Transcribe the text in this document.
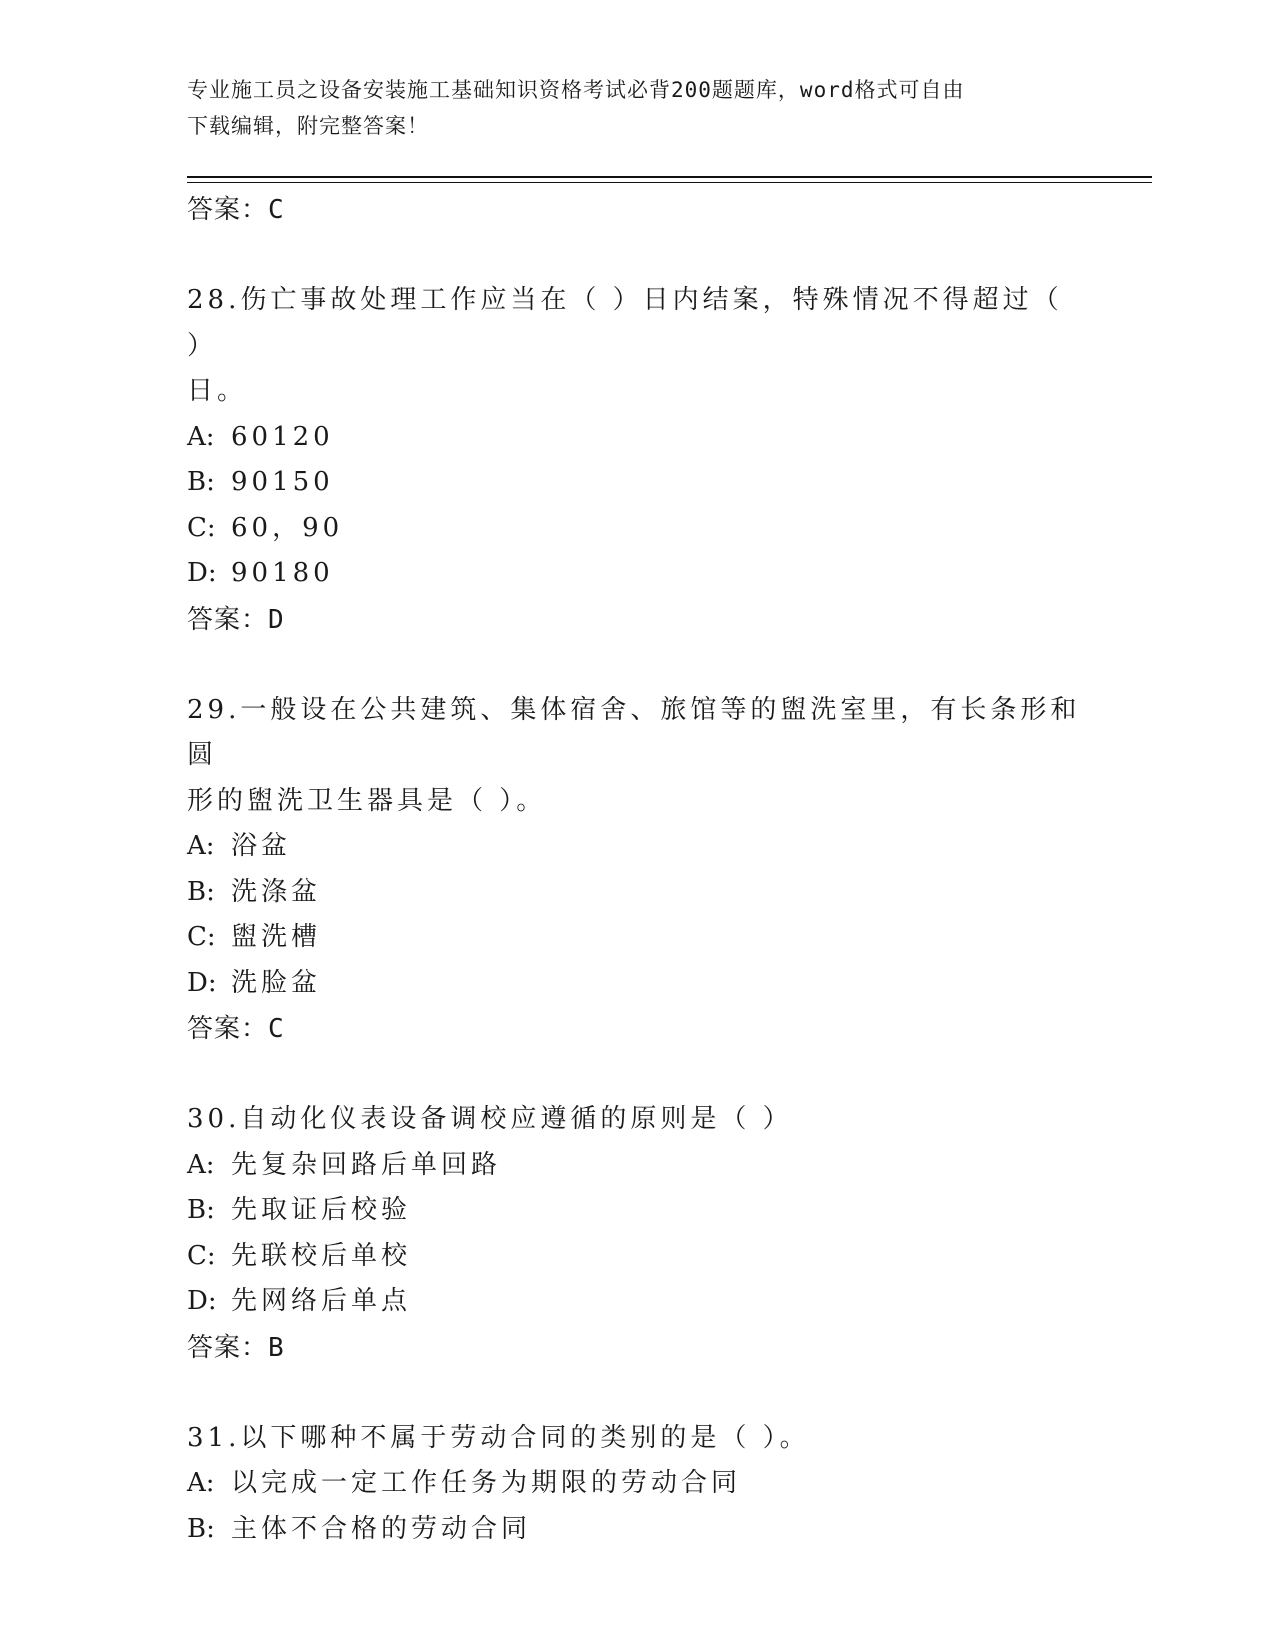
专业施工员之设备安装施工基础知识资格考试必背200题题库，word格式可自由
下载编辑，附完整答案！
答案：C
28.伤亡事故处理工作应当在（ ）日内结案，特殊情况不得超过（ ）
日。
A: 60120
B: 90150
C: 60，90
D: 90180
答案：D
29.一般设在公共建筑、集体宿舍、旅馆等的盥洗室里，有长条形和圆
形的盥洗卫生器具是（ ）。
A: 浴盆
B: 洗涤盆
C: 盥洗槽
D: 洗脸盆
答案：C
30.自动化仪表设备调校应遵循的原则是（ ）
A: 先复杂回路后单回路
B: 先取证后校验
C: 先联校后单校
D: 先网络后单点
答案：B
31.以下哪种不属于劳动合同的类别的是（ ）。
A: 以完成一定工作任务为期限的劳动合同
B: 主体不合格的劳动合同
